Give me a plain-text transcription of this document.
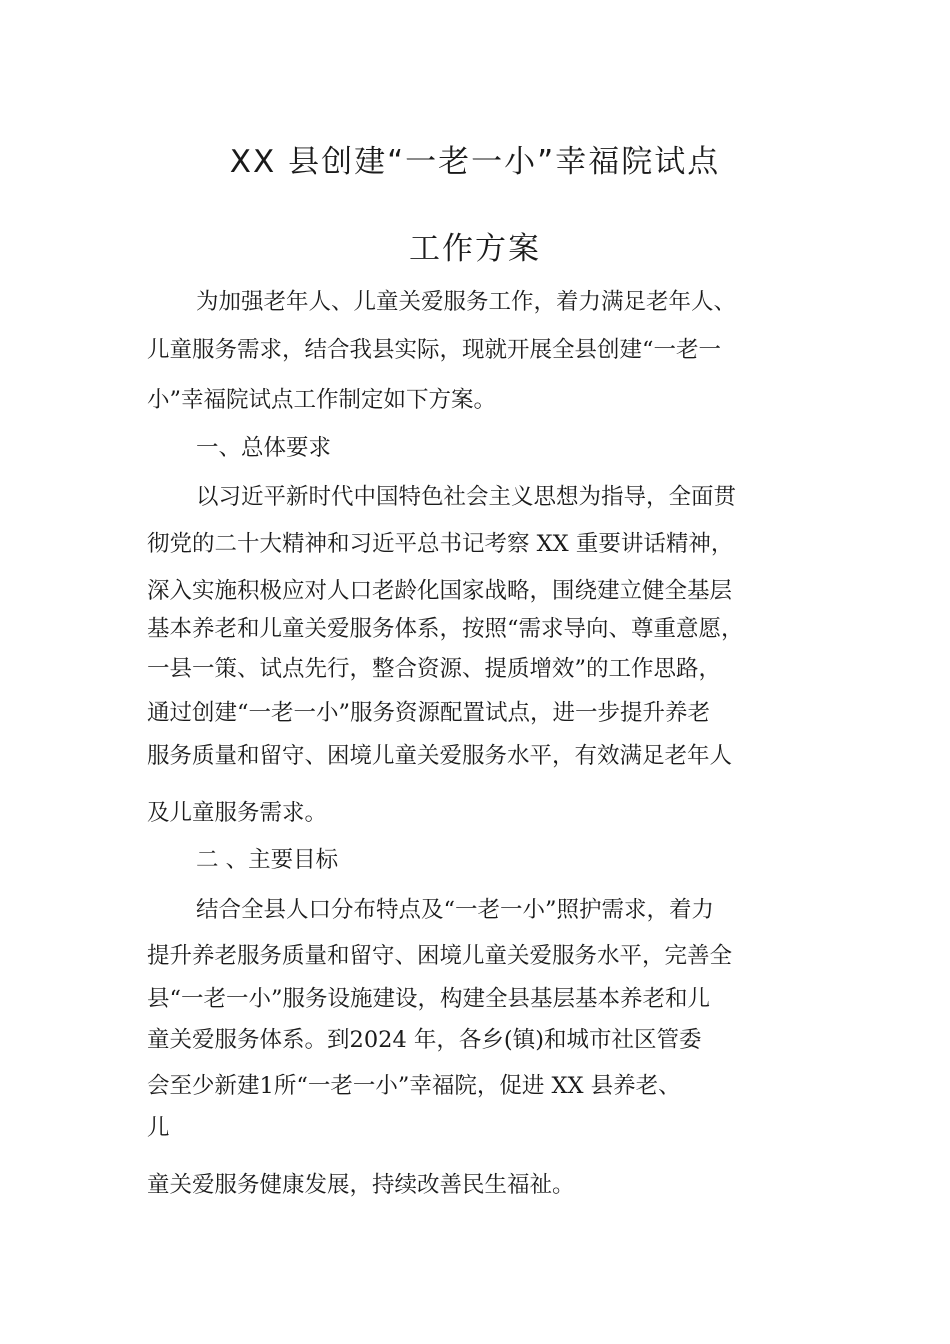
XX 县创建“一老一小”幸福院试点
工作方案
为加强老年人、儿童关爱服务工作，着力满足老年人、
儿童服务需求，结合我县实际，现就开展全县创建“一老一
小”幸福院试点工作制定如下方案。
一、总体要求
以习近平新时代中国特色社会主义思想为指导，全面贯
彻党的二十大精神和习近平总书记考察 XX 重要讲话精神，
深入实施积极应对人口老龄化国家战略，围绕建立健全基层
基本养老和儿童关爱服务体系，按照“需求导向、尊重意愿，
一县一策、试点先行，整合资源、提质增效”的工作思路，
通过创建“一老一小”服务资源配置试点，进一步提升养老
服务质量和留守、困境儿童关爱服务水平，有效满足老年人
及儿童服务需求。
二 、主要目标
结合全县人口分布特点及“一老一小”照护需求，着力
提升养老服务质量和留守、困境儿童关爱服务水平，完善全
县“一老一小”服务设施建设，构建全县基层基本养老和儿
童关爱服务体系。到2024 年，各乡(镇)和城市社区管委
会至少新建1所“一老一小”幸福院，促进 XX 县养老、
儿
童关爱服务健康发展，持续改善民生福祉。
